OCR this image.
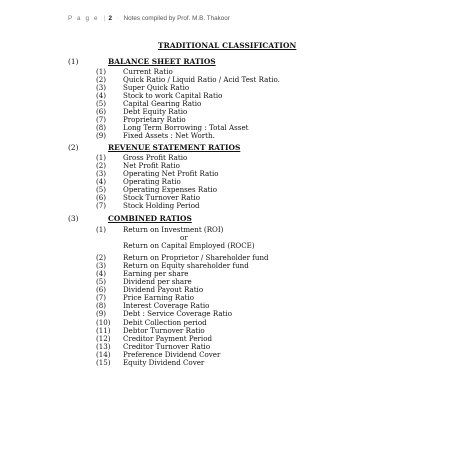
P a g e | 2 · Notes compiled by Prof. M.B. Thakoor
TRADITIONAL CLASSIFICATION
(1)	BALANCE SHEET RATIOS
(1) Current Ratio
(2) Quick Ratio / Liquid Ratio / Acid Test Ratio.
(3) Super Quick Ratio
(4) Stock to work Capital Ratio
(5) Capital Gearing Ratio
(6) Debt Equity Ratio
(7) Proprietary Ratio
(8) Long Term Borrowing : Total Asset
(9) Fixed Assets : Net Worth.
(2)	REVENUE STATEMENT RATIOS
(1) Gross Profit Ratio
(2) Net Profit Ratio
(3) Operating Net Profit Ratio
(4) Operating Ratio
(5) Operating Expenses Ratio
(6) Stock Turnover Ratio
(7) Stock Holding Period
(3)	COMBINED RATIOS
(1) Return on Investment (ROI)
or
Return on Capital Employed (ROCE)
(2) Return on Proprietor / Shareholder fund
(3) Return on Equity shareholder fund
(4) Earning per share
(5) Dividend per share
(6) Dividend Payout Ratio
(7) Price Earning Ratio
(8) Interest Coverage Ratio
(9) Debt : Service Coverage Ratio
(10) Debit Collection period
(11) Debtor Turnover Ratio
(12) Creditor Payment Period
(13) Creditor Turnover Ratio
(14) Preference Dividend Cover
(15) Equity Dividend Cover
